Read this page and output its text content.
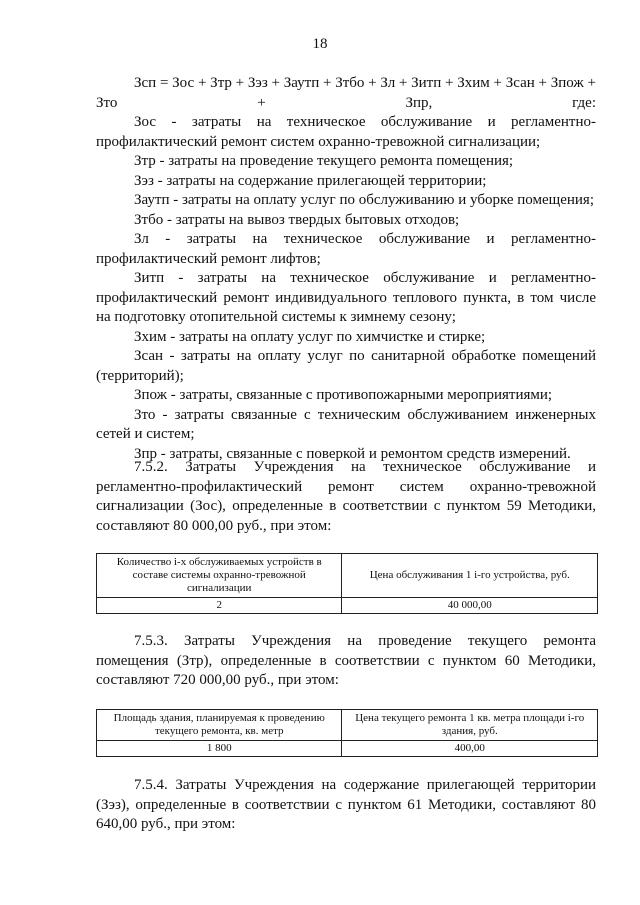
18

Зсп = Зос + Зтр + Зэз + Заутп + Зтбо + Зл + Зитп + Зхим + Зсан + Зпож + Зто + Зпр, где:

Зос - затраты на техническое обслуживание и регламентно-профилактический ремонт систем охранно-тревожной сигнализации;

Зтр - затраты на проведение текущего ремонта помещения;

Зэз - затраты на содержание прилегающей территории;

Заутп - затраты на оплату услуг по обслуживанию и уборке помещения;

Зтбо - затраты на вывоз твердых бытовых отходов;

Зл - затраты на техническое обслуживание и регламентно-профилактический ремонт лифтов;

Зитп - затраты на техническое обслуживание и регламентно-профилактический ремонт индивидуального теплового пункта, в том числе на подготовку отопительной системы к зимнему сезону;

Зхим - затраты на оплату услуг по химчистке и стирке;

Зсан - затраты на оплату услуг по санитарной обработке помещений (территорий);

Зпож - затраты, связанные с противопожарными мероприятиями;

Зто - затраты связанные с техническим обслуживанием инженерных сетей и систем;

Зпр - затраты, связанные с поверкой и ремонтом средств измерений.

7.5.2. Затраты Учреждения на техническое обслуживание и регламентно-профилактический ремонт систем охранно-тревожной сигнализации (Зос), определенные в соответствии с пунктом 59 Методики, составляют 80 000,00 руб., при этом:

Количество i-х обслуживаемых устройств в составе системы охранно-тревожной сигнализации	Цена обслуживания 1 i-го устройства, руб.
2	40 000,00

7.5.3. Затраты Учреждения на проведение текущего ремонта помещения (Зтр), определенные в соответствии с пунктом 60 Методики, составляют 720 000,00 руб., при этом:

Площадь здания, планируемая к проведению текущего ремонта, кв. метр	Цена текущего ремонта 1 кв. метра площади i-го здания, руб.
1 800	400,00

7.5.4. Затраты Учреждения на содержание прилегающей территории (Зэз), определенные в соответствии с пунктом 61 Методики, составляют 80 640,00 руб., при этом:
